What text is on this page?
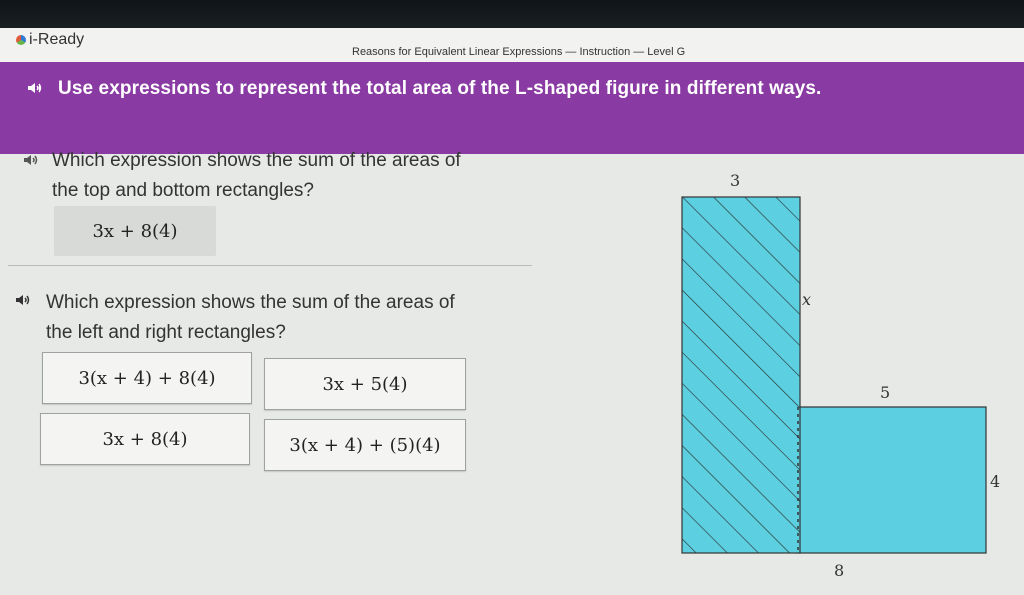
i-Ready
Reasons for Equivalent Linear Expressions — Instruction — Level G
Use expressions to represent the total area of the L-shaped figure in different ways.
Which expression shows the sum of the areas of the top and bottom rectangles?
3x + 8(4)
Which expression shows the sum of the areas of the left and right rectangles?
3(x + 4) + 8(4)	3x + 5(4)
3x + 8(4)	3(x + 4) + (5)(4)
3
x
5
4
8
